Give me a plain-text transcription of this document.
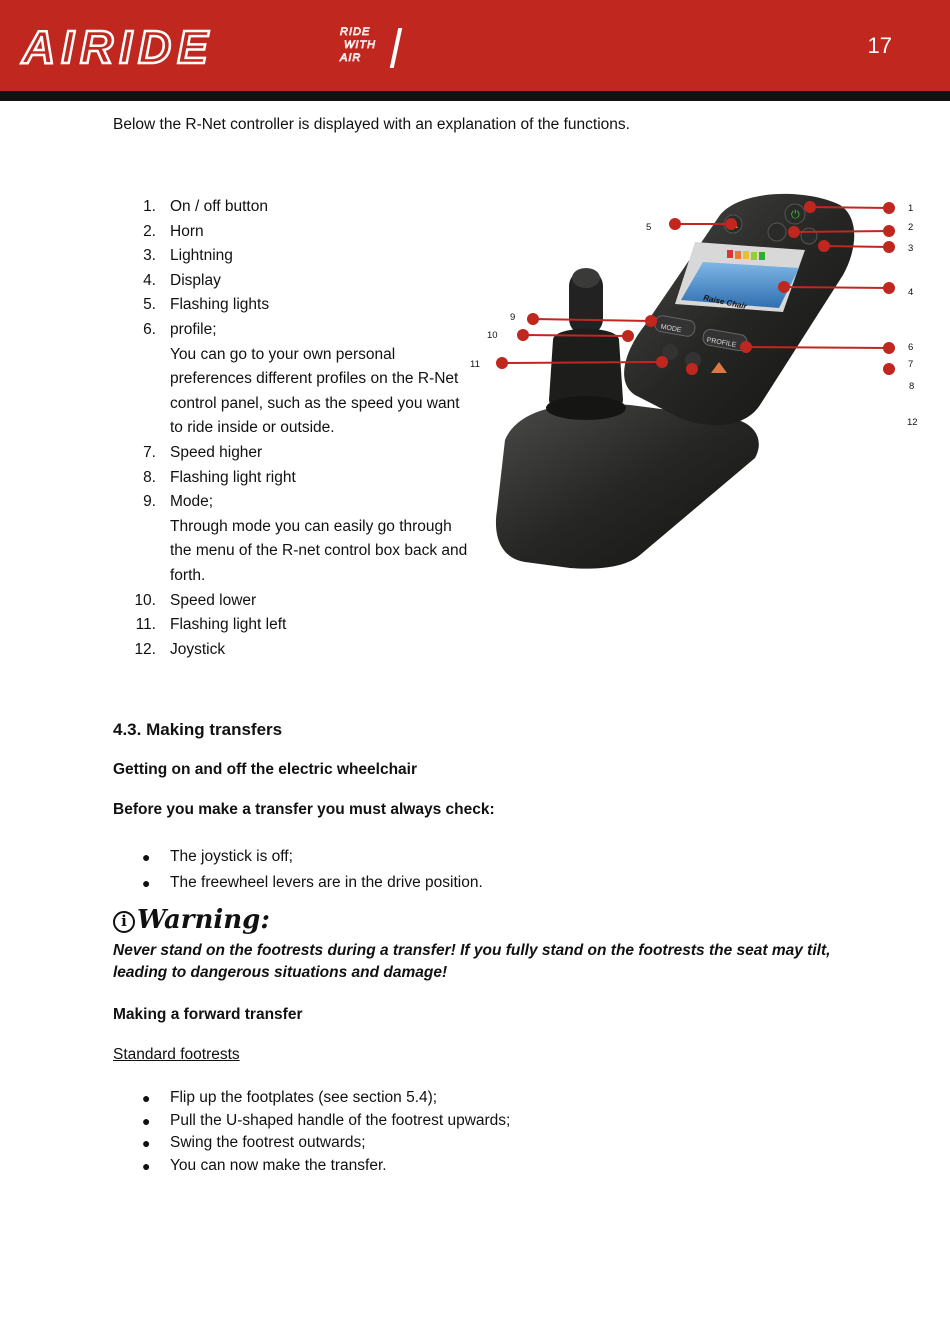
AIRIDE	RIDE
WITH
AIR	17
Below the R-Net controller is displayed with an explanation of the functions.
1. On / off button
2. Horn
3. Lightning
4. Display
5. Flashing lights
6. profile;
You can go to your own personal preferences different profiles on the R-Net control panel, such as the speed you want to ride inside or outside.
7. Speed higher
8. Flashing light right
9. Mode;
Through mode you can easily go through the menu of the R-net control box back and forth.
10. Speed lower
11. Flashing light left
12. Joystick
Raise Chair
⏻
MODE
PROFILE
1
2
3
4
5
6
7
8
9
10
11
12
4.3. Making transfers
Getting on and off the electric wheelchair
Before you make a transfer you must always check:
● The joystick is off;
● The freewheel levers are in the drive position.
i Warning:
Never stand on the footrests during a transfer! If you fully stand on the footrests the seat may tilt, leading to dangerous situations and damage!
Making a forward transfer
Standard footrests
● Flip up the footplates (see section 5.4);
● Pull the U-shaped handle of the footrest upwards;
● Swing the footrest outwards;
● You can now make the transfer.
